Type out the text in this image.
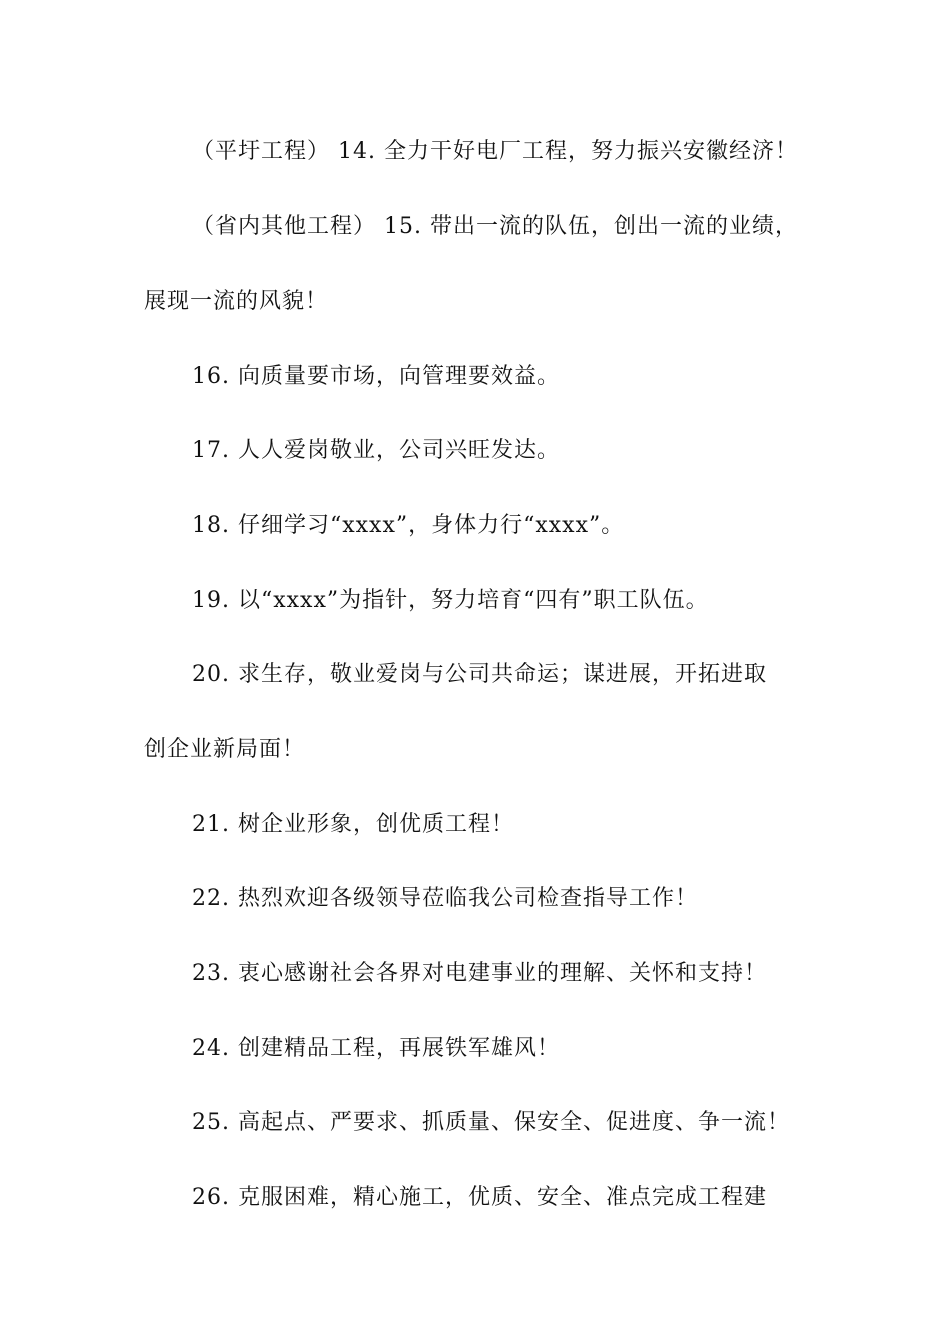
（平圩工程） 14. 全力干好电厂工程，努力振兴安徽经济！
（省内其他工程） 15. 带出一流的队伍，创出一流的业绩，
展现一流的风貌！
16. 向质量要市场，向管理要效益。
17. 人人爱岗敬业，公司兴旺发达。
18. 仔细学习“xxxx”，身体力行“xxxx”。
19. 以“xxxx”为指针，努力培育“四有”职工队伍。
20. 求生存，敬业爱岗与公司共命运；谋进展，开拓进取
创企业新局面！
21. 树企业形象，创优质工程！
22. 热烈欢迎各级领导莅临我公司检查指导工作！
23. 衷心感谢社会各界对电建事业的理解、关怀和支持！
24. 创建精品工程，再展铁军雄风！
25. 高起点、严要求、抓质量、保安全、促进度、争一流！
26. 克服困难，精心施工，优质、安全、准点完成工程建
